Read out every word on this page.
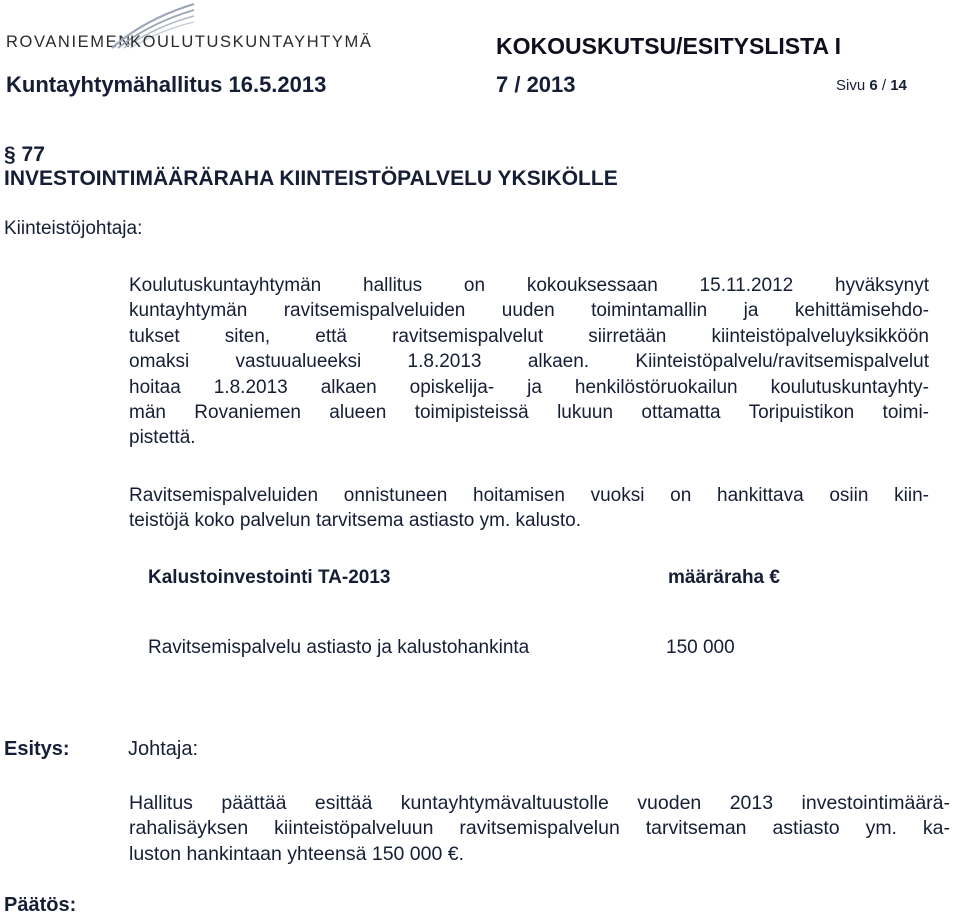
ROVANIEMEN
KOULUTUSKUNTAYHTYMÄ	KOKOUSKUTSU/ESITYSLISTA I
Kuntayhtymähallitus 16.5.2013	7 / 2013	Sivu 6 / 14
§ 77
INVESTOINTIMÄÄRÄRAHA KIINTEISTÖPALVELU YKSIKÖLLE
Kiinteistöjohtaja:
Koulutuskuntayhtymän hallitus on kokouksessaan 15.11.2012 hyväksynyt
kuntayhtymän ravitsemispalveluiden uuden toimintamallin ja kehittämisehdo-
tukset siten, että ravitsemispalvelut siirretään kiinteistöpalveluyksikköön
omaksi vastuualueeksi 1.8.2013 alkaen. Kiinteistöpalvelu/ravitsemispalvelut
hoitaa 1.8.2013 alkaen opiskelija- ja henkilöstöruokailun koulutuskuntayhty-
män Rovaniemen alueen toimipisteissä lukuun ottamatta Toripuistikon toimi-
pistettä.
Ravitsemispalveluiden onnistuneen hoitamisen vuoksi on hankittava osiin kiin-
teistöjä koko palvelun tarvitsema astiasto ym. kalusto.
Kalustoinvestointi TA-2013	määräraha €
Ravitsemispalvelu astiasto ja kalustohankinta	150 000
Esitys:	Johtaja:
Hallitus päättää esittää kuntayhtymävaltuustolle vuoden 2013 investointimäärä-
rahalisäyksen kiinteistöpalveluun ravitsemispalvelun tarvitseman astiasto ym. ka-
luston hankintaan yhteensä 150 000 €.
Päätös:
